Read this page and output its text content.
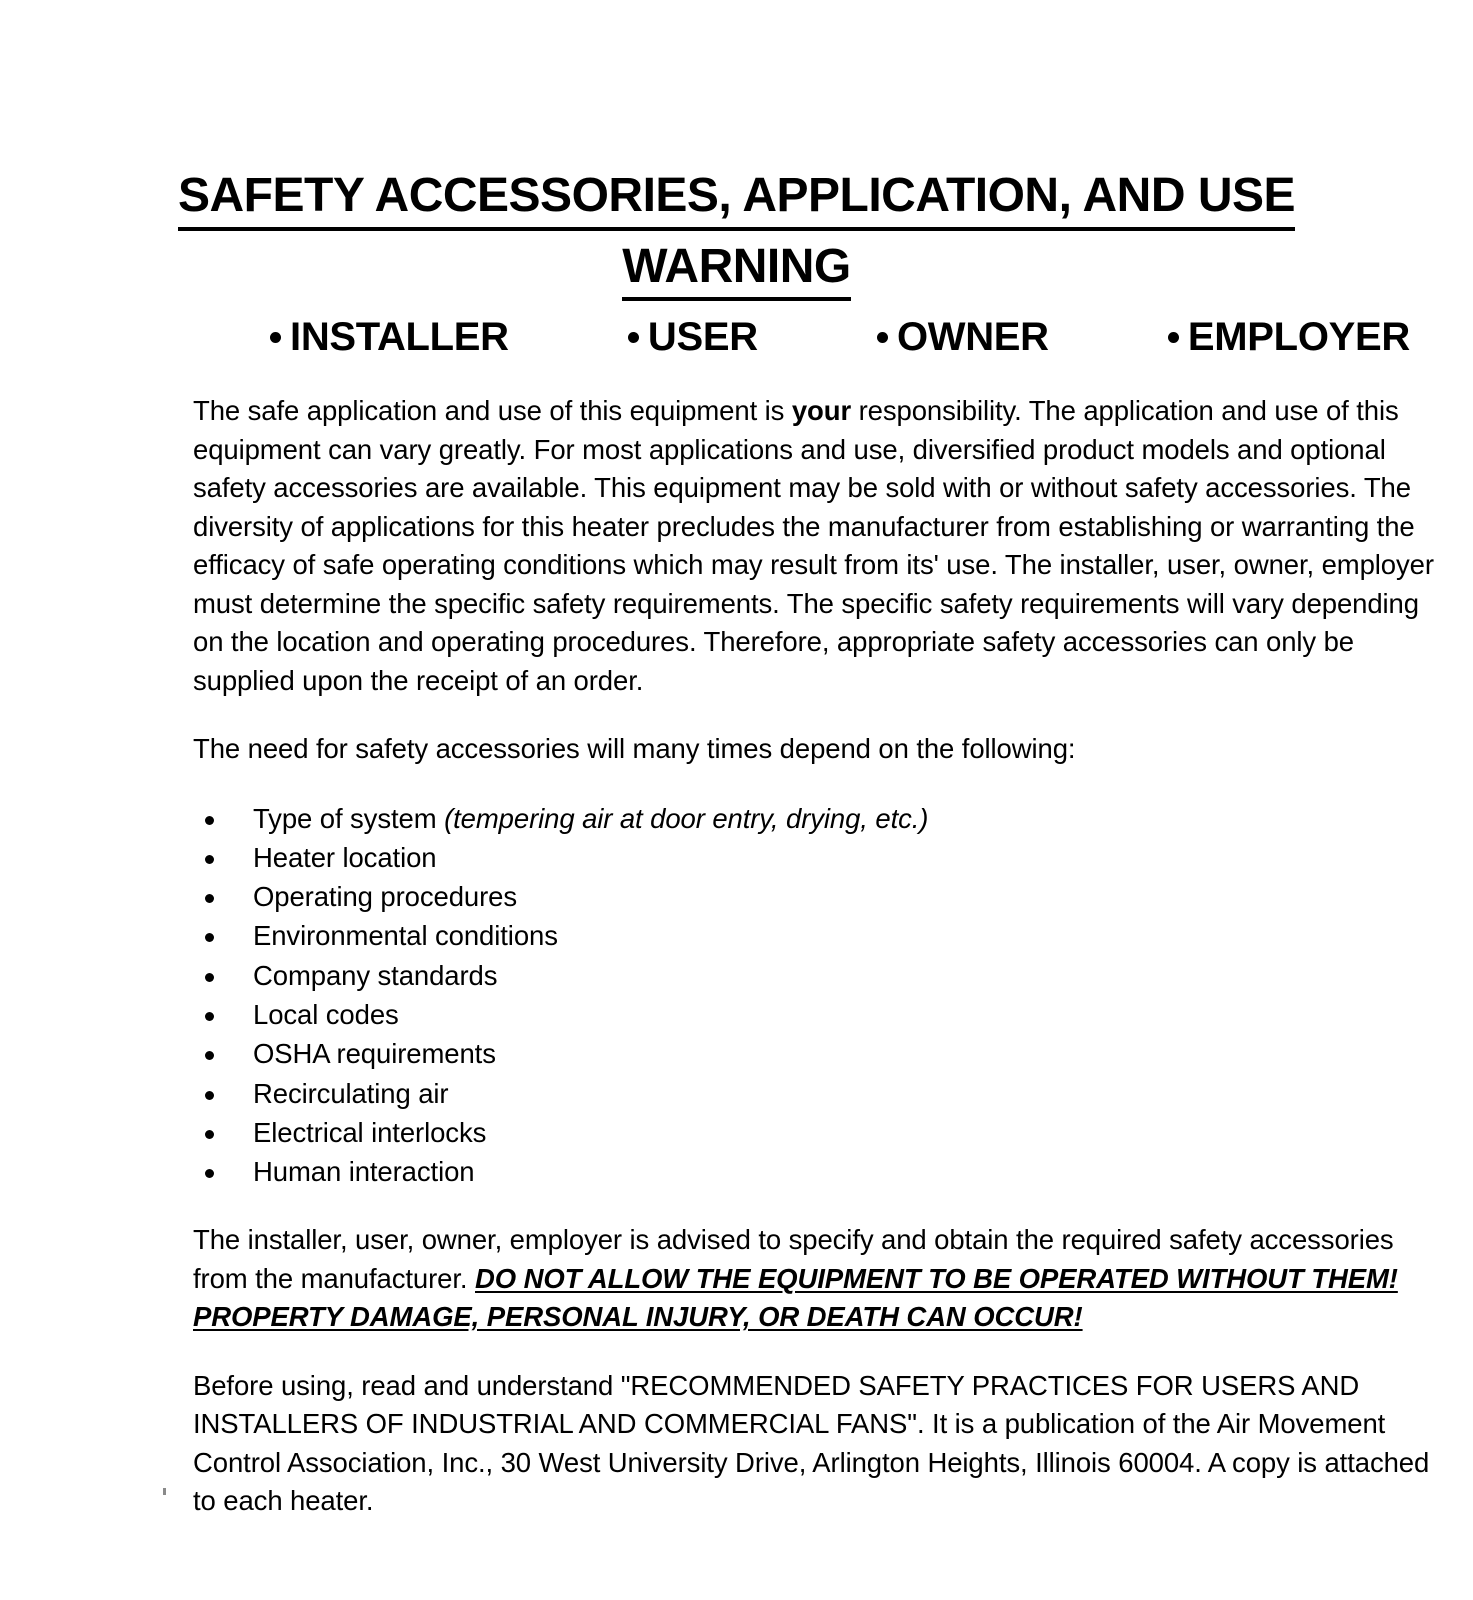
SAFETY ACCESSORIES, APPLICATION, AND USE
WARNING
INSTALLER	USER	OWNER	EMPLOYER

The safe application and use of this equipment is your responsibility. The application and use of this equipment can vary greatly. For most applications and use, diversified product models and optional safety accessories are available. This equipment may be sold with or without safety accessories. The diversity of applications for this heater precludes the manufacturer from establishing or warranting the efficacy of safe operating conditions which may result from its' use. The installer, user, owner, employer must determine the specific safety requirements. The specific safety requirements will vary depending on the location and operating procedures. Therefore, appropriate safety accessories can only be supplied upon the receipt of an order.

The need for safety accessories will many times depend on the following:

Type of system (tempering air at door entry, drying, etc.)
Heater location
Operating procedures
Environmental conditions
Company standards
Local codes
OSHA requirements
Recirculating air
Electrical interlocks
Human interaction

The installer, user, owner, employer is advised to specify and obtain the required safety accessories from the manufacturer. DO NOT ALLOW THE EQUIPMENT TO BE OPERATED WITHOUT THEM! PROPERTY DAMAGE, PERSONAL INJURY, OR DEATH CAN OCCUR!

Before using, read and understand "RECOMMENDED SAFETY PRACTICES FOR USERS AND INSTALLERS OF INDUSTRIAL AND COMMERCIAL FANS". It is a publication of the Air Movement Control Association, Inc., 30 West University Drive, Arlington Heights, Illinois 60004. A copy is attached to each heater.
